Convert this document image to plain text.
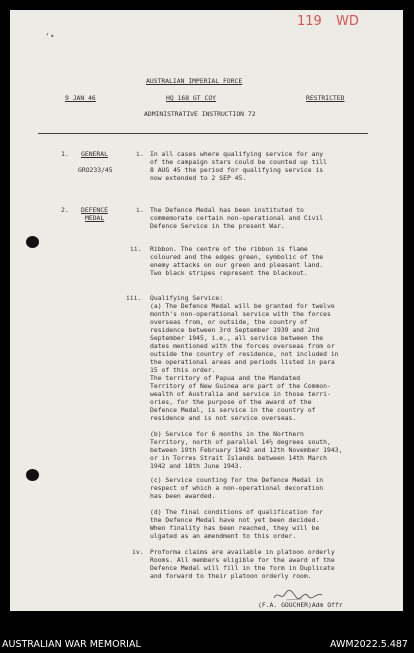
119 WD
‘•
AUSTRALIAN IMPERIAL FORCE
9 JAN 46	HQ 168 GT COY	RESTRICTED
ADMINISTRATIVE INSTRUCTION 72
1. GENERAL
GRO233/45
i. In all cases where qualifying service for any
of the campaign stars could be counted up till
8 AUG 45 the period for qualifying service is
now extended to 2 SEP 45.
2. DEFENCE
MEDAL
i. The Defence Medal has been instituted to
commemorate certain non-operational and Civil
Defence Service in the present War.
ii. Ribbon. The centre of the ribbon is flame
coloured and the edges green, symbolic of the
enemy attacks on our green and pleasant land.
Two black stripes represent the blackout.
iii. Qualifying Service:
(a) The Defence Medal will be granted for twelve
month's non-operational service with the forces
overseas from, or outside, the country of
residence between 3rd September 1939 and 2nd
September 1945, i.e., all service between the
dates mentioned with the forces overseas from or
outside the country of residence, not included in
the operational areas and periods listed in para
15 of this order.
The territory of Papua and the Mandated
Territory of New Guinea are part of the Common-
wealth of Australia and service in those terri-
ories, for the purpose of the award of the
Defence Medal, is service in the country of
residence and is not service overseas.
(b) Service for 6 months in the Northern
Territory, north of parallel 14½ degrees south,
between 19th February 1942 and 12th November 1943,
or in Torres Strait Islands between 14th March
1942 and 18th June 1943.
(c) Service counting for the Defence Medal in
respect of which a non-operational decoration
has been awarded.
(d) The final conditions of qualification for
the Defence Medal have not yet been decided.
When finality has been reached, they will be
ulgated as an amendment to this order.
iv. Proforma claims are available in platoon orderly
Rooms. All members eligible for the award of the
Defence Medal will fill in the form in Duplicate
and forward to their platoon orderly room.
(F.A. GOUCHER)Adm Offr
AUSTRALIAN WAR MEMORIAL	AWM2022.5.487
